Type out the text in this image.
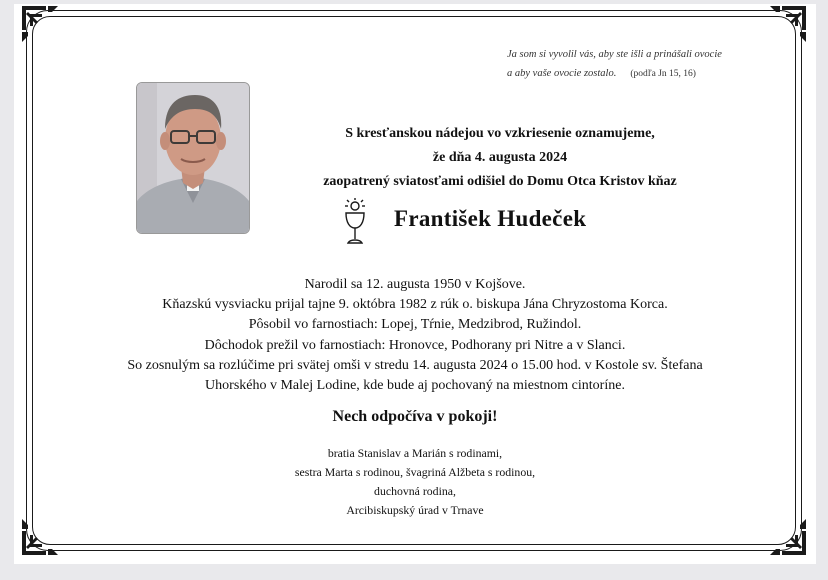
Ja som si vyvolil vás, aby ste išli a prinášali ovocie
a aby vaše ovocie zostalo. (podľa Jn 15, 16)
S kresťanskou nádejou vo vzkriesenie oznamujeme,
že dňa 4. augusta 2024
zaopatrený sviatosťami odišiel do Domu Otca Kristov kňaz
František Hudeček
Narodil sa 12. augusta 1950 v Kojšove.
Kňazskú vysviacku prijal tajne 9. októbra 1982 z rúk o. biskupa Jána Chryzostoma Korca.
Pôsobil vo farnostiach: Lopej, Tŕnie, Medzibrod, Ružindol.
Dôchodok prežil vo farnostiach: Hronovce, Podhorany pri Nitre a v Slanci.
So zosnulým sa rozlúčime pri svätej omši v stredu 14. augusta 2024 o 15.00 hod. v Kostole sv. Štefana
Uhorského v Malej Lodine, kde bude aj pochovaný na miestnom cintoríne.
Nech odpočíva v pokoji!
bratia Stanislav a Marián s rodinami,
sestra Marta s rodinou, švagriná Alžbeta s rodinou,
duchovná rodina,
Arcibiskupský úrad v Trnave
